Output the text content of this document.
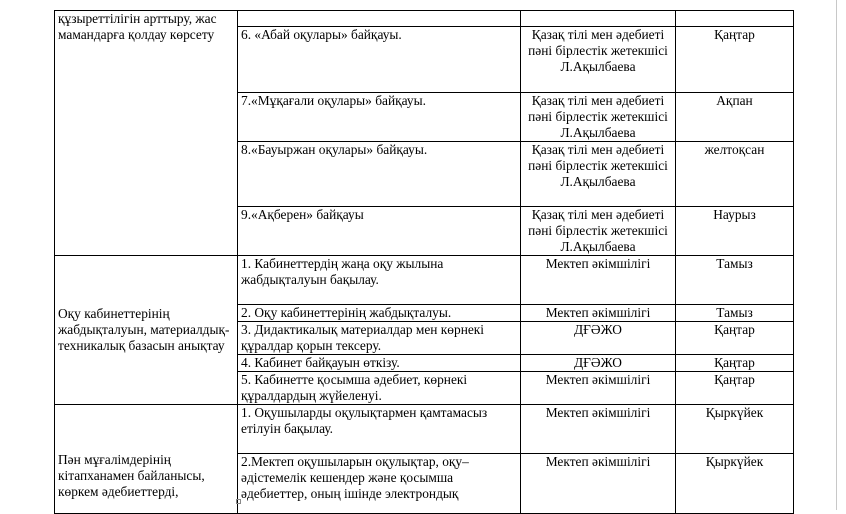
құзыреттілігін арттыру, жас мамандарға қолдау көрсету			
	6. «Абай оқулары» байқауы.	Қазақ тілі мен әдебиеті пәні бірлестік жетекшісі Л.Ақылбаева	Қаңтар
	7.«Мұқағали оқулары» байқауы.	Қазақ тілі мен әдебиеті пәні бірлестік жетекшісі Л.Ақылбаева	Ақпан
	8.«Бауыржан оқулары» байқауы.	Қазақ тілі мен әдебиеті пәні бірлестік жетекшісі Л.Ақылбаева	желтоқсан
	9.«Ақберен» байқауы	Қазақ тілі мен әдебиеті пәні бірлестік жетекшісі Л.Ақылбаева	Наурыз
Оқу кабинеттерінің жабдықталуын, материалдық-техникалық базасын анықтау	1. Кабинеттердің жаңа оқу жылына жабдықталуын бақылау.	Мектеп әкімшілігі	Тамыз
	2. Оқу кабинеттерінің жабдықталуы.	Мектеп әкімшілігі	Тамыз
	3. Дидактикалық материалдар мен көрнекі құралдар қорын тексеру.	ДҒӘЖО	Қаңтар
	4. Кабинет байқауын өткізу.	ДҒӘЖО	Қаңтар
	5. Кабинетте қосымша әдебиет, көрнекі құралдардың жүйеленуі.	Мектеп әкімшілігі	Қаңтар
Пән мұғалімдерінің кітапханамен байланысы, көркем әдебиеттерді,	1. Оқушыларды оқулықтармен қамтамасыз етілуін бақылау.	Мектеп әкімшілігі	Қыркүйек
	2.Мектеп оқушыларын оқулықтар, оқу–әдістемелік кешендер және қосымша әдебиеттер, оның ішінде электрондық	Мектеп әкімшілігі	Қыркүйек
